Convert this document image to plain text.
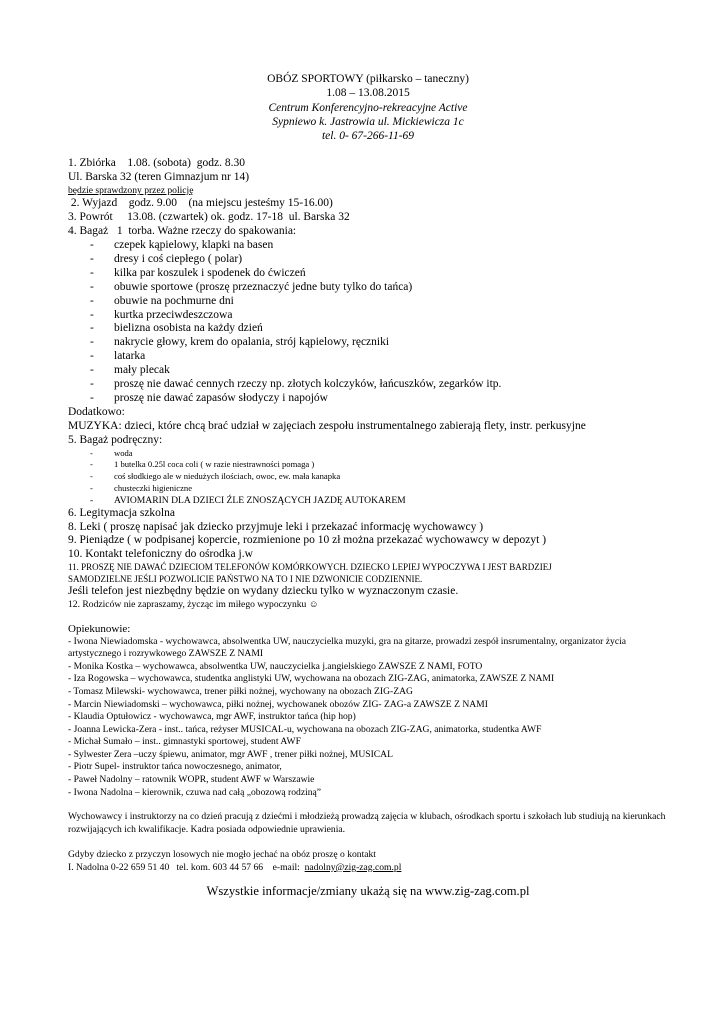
OBÓZ SPORTOWY (piłkarsko – taneczny)
1.08 – 13.08.2015
Centrum Konferencyjno-rekreacyjne Active
Sypniewo k. Jastrowia ul. Mickiewicza 1c
tel. 0- 67-266-11-69
1. Zbiórka    1.08. (sobota)  godz. 8.30
Ul. Barska 32 (teren Gimnazjum nr 14)
będzie sprawdzony przez policję
2. Wyjazd    godz. 9.00    (na miejscu jesteśmy 15-16.00)
3. Powrót     13.08. (czwartek) ok. godz. 17-18  ul. Barska 32
4. Bagaż   1  torba. Ważne rzeczy do spakowania:
- czepek kąpielowy, klapki na basen
- dresy i coś ciepłego ( polar)
- kilka par koszulek i spodenek do ćwiczeń
- obuwie sportowe (proszę przeznaczyć jedne buty tylko do tańca)
- obuwie na pochmurne dni
- kurtka przeciwdeszczowa
- bielizna osobista na każdy dzień
- nakrycie głowy, krem do opalania, strój kąpielowy, ręczniki
- latarka
- mały plecak
- proszę nie dawać cennych rzeczy np. złotych kolczyków, łańcuszków, zegarków itp.
- proszę nie dawać zapasów słodyczy i napojów
Dodatkowo:
MUZYKA: dzieci, które chcą brać udział w zajęciach zespołu instrumentalnego zabierają flety, instr. perkusyjne
5. Bagaż podręczny:
- woda
- 1 butelka 0.25l coca coli ( w razie niestrawności pomaga )
- coś słodkiego ale w niedużych ilościach, owoc, ew. mała kanapka
- chusteczki higieniczne
- AVIOMARIN DLA DZIECI ŹLE ZNOSZĄCYCH JAZDĘ AUTOKAREM
6. Legitymacja szkolna
8. Leki ( proszę napisać jak dziecko przyjmuje leki i przekazać informację wychowawcy )
9. Pieniądze ( w podpisanej kopercie, rozmienione po 10 zł można przekazać wychowawcy w depozyt )
10. Kontakt telefoniczny do ośrodka j.w
11. PROSZĘ NIE DAWAĆ DZIECIOM TELEFONÓW KOMÓRKOWYCH. DZIECKO LEPIEJ WYPOCZYWA I JEST BARDZIEJ
SAMODZIELNE JEŚLI POZWOLICIE PAŃSTWO NA TO I NIE DZWONICIE CODZIENNIE.
Jeśli telefon jest niezbędny będzie on wydany dziecku tylko w wyznaczonym czasie.
12. Rodziców nie zapraszamy, życząc im miłego wypoczynku ☺
Opiekunowie:
- Iwona Niewiadomska - wychowawca, absolwentka UW, nauczycielka muzyki, gra na gitarze, prowadzi zespół insrumentalny, organizator życia artystycznego i rozrywkowego ZAWSZE Z NAMI
- Monika Kostka – wychowawca, absolwentka UW, nauczycielka j.angielskiego ZAWSZE Z NAMI, FOTO
- Iza Rogowska – wychowawca, studentka anglistyki UW, wychowana na obozach ZIG-ZAG, animatorka, ZAWSZE Z NAMI
- Tomasz Milewski- wychowawca, trener piłki nożnej, wychowany na obozach ZIG-ZAG
- Marcin Niewiadomski – wychowawca, piłki nożnej, wychowanek obozów ZIG- ZAG-a ZAWSZE Z NAMI
- Klaudia Optułowicz - wychowawca, mgr AWF, instruktor tańca (hip hop)
- Joanna Lewicka-Zera - inst.. tańca, reżyser MUSICAL-u, wychowana na obozach ZIG-ZAG, animatorka, studentka AWF
- Michał Sumało – inst.. gimnastyki sportowej, student AWF
- Sylwester Zera –uczy śpiewu, animator, mgr AWF , trener piłki nożnej, MUSICAL
- Piotr Supel- instruktor tańca nowoczesnego, animator,
- Paweł Nadolny – ratownik WOPR, student AWF w Warszawie
- Iwona Nadolna – kierownik, czuwa nad całą „obozową rodziną”
Wychowawcy i instruktorzy na co dzień pracują z dziećmi i młodzieżą prowadzą zajęcia w klubach, ośrodkach sportu i szkołach lub studiują na kierunkach rozwijających ich kwalifikacje. Kadra posiada odpowiednie uprawienia.
Gdyby dziecko z przyczyn losowych nie mogło jechać na obóz proszę o kontakt
I. Nadolna 0-22 659 51 40   tel. kom. 603 44 57 66    e-mail:  nadolny@zig-zag.com.pl
Wszystkie informacje/zmiany ukażą się na www.zig-zag.com.pl
